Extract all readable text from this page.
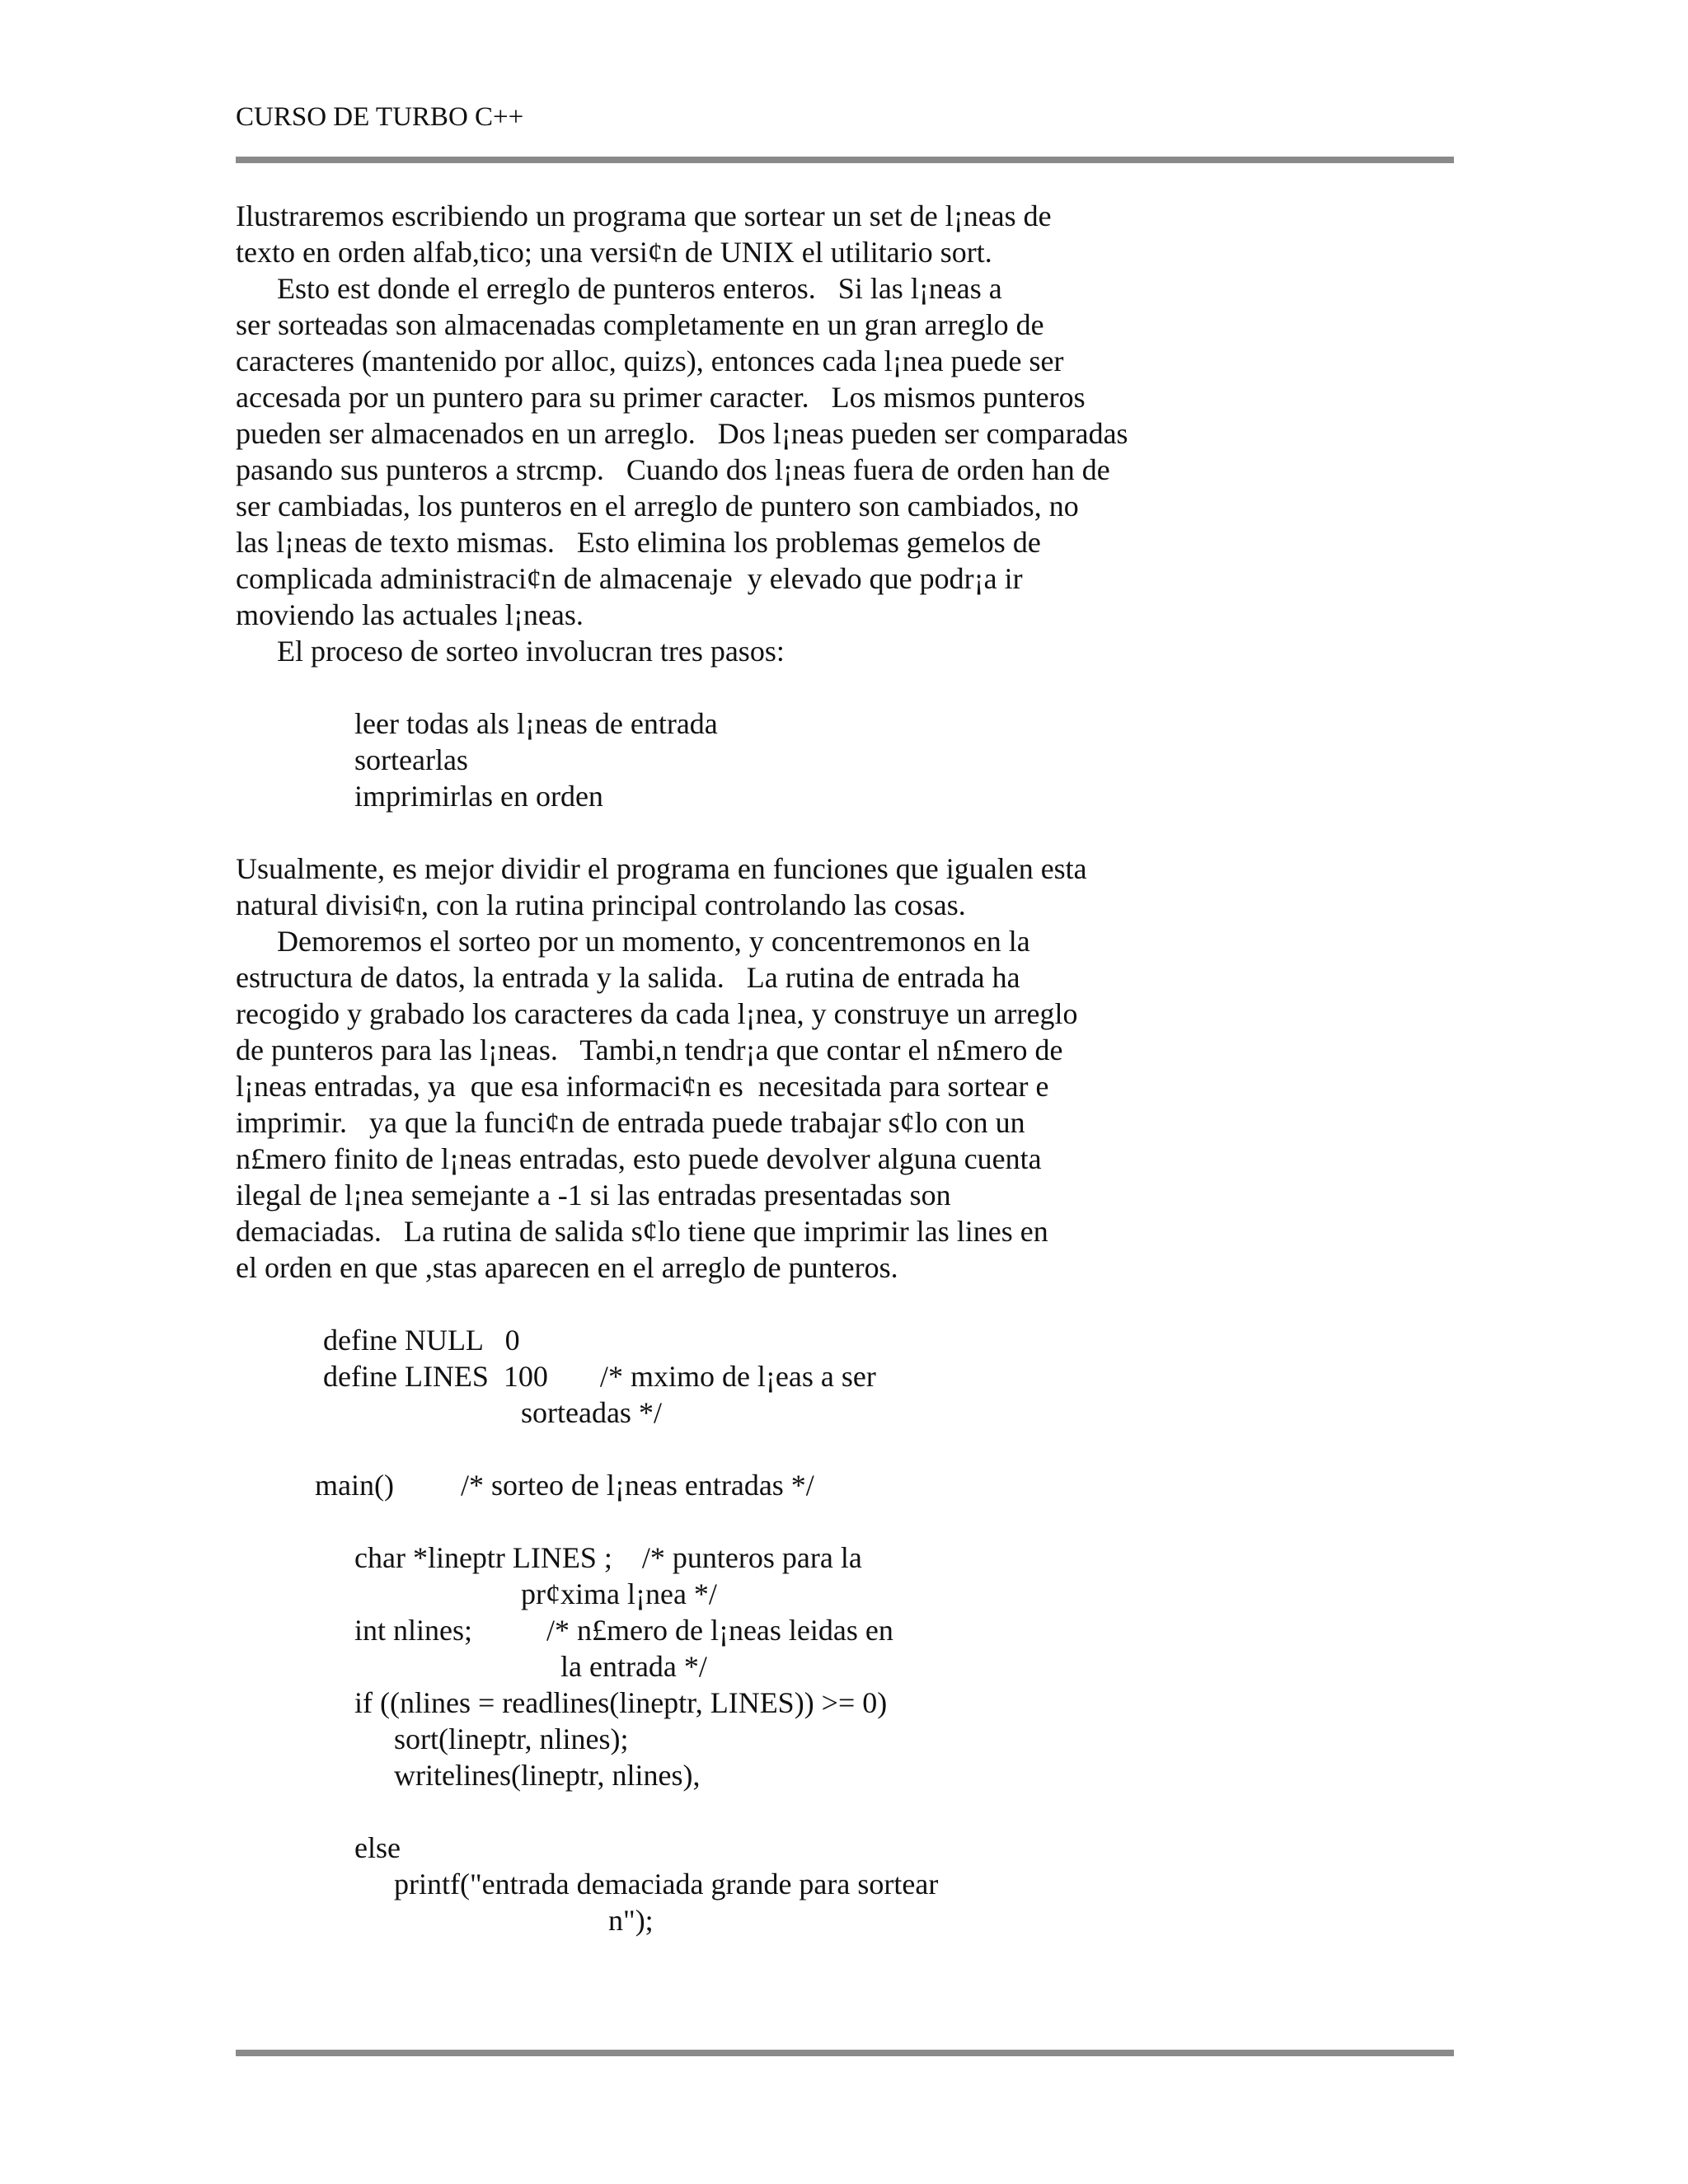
CURSO DE TURBO C++
Ilustraremos escribiendo un programa que sortear un set de l¡neas de
texto en orden alfab,tico; una versi¢n de UNIX el utilitario sort.
Esto est donde el erreglo de punteros enteros.   Si las l¡neas a
ser sorteadas son almacenadas completamente en un gran arreglo de
caracteres (mantenido por alloc, quizs), entonces cada l¡nea puede ser
accesada por un puntero para su primer caracter.   Los mismos punteros
pueden ser almacenados en un arreglo.   Dos l¡neas pueden ser comparadas
pasando sus punteros a strcmp.   Cuando dos l¡neas fuera de orden han de
ser cambiadas, los punteros en el arreglo de puntero son cambiados, no
las l¡neas de texto mismas.   Esto elimina los problemas gemelos de
complicada administraci¢n de almacenaje  y elevado que podr¡a ir
moviendo las actuales l¡neas.
El proceso de sorteo involucran tres pasos:
leer todas als l¡neas de entrada
sortearlas
imprimirlas en orden
Usualmente, es mejor dividir el programa en funciones que igualen esta
natural divisi¢n, con la rutina principal controlando las cosas.
Demoremos el sorteo por un momento, y concentremonos en la
estructura de datos, la entrada y la salida.   La rutina de entrada ha
recogido y grabado los caracteres da cada l¡nea, y construye un arreglo
de punteros para las l¡neas.   Tambi,n tendr¡a que contar el n£mero de
l¡neas entradas, ya  que esa informaci¢n es  necesitada para sortear e
imprimir.   ya que la funci¢n de entrada puede trabajar s¢lo con un
n£mero finito de l¡neas entradas, esto puede devolver alguna cuenta
ilegal de l¡nea semejante a -1 si las entradas presentadas son
demaciadas.   La rutina de salida s¢lo tiene que imprimir las lines en
el orden en que ,stas aparecen en el arreglo de punteros.
define NULL   0
define LINES  100       /* mximo de l¡eas a ser
sorteadas */
main()         /* sorteo de l¡neas entradas */
char *lineptr LINES ;    /* punteros para la
pr¢xima l¡nea */
int nlines;          /* n£mero de l¡neas leidas en
la entrada */
if ((nlines = readlines(lineptr, LINES)) >= 0)
sort(lineptr, nlines);
writelines(lineptr, nlines),
else
printf("entrada demaciada grande para sortear
n");
